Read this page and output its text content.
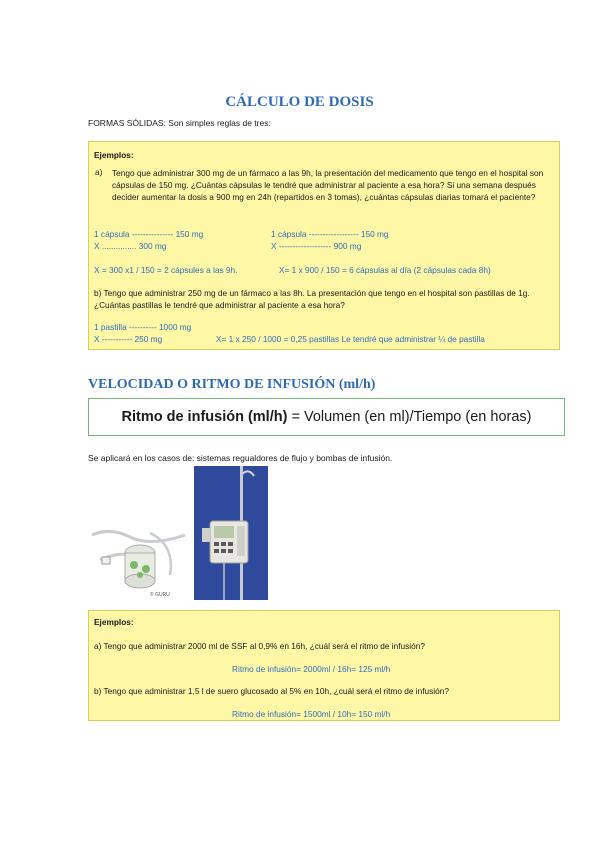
CÁLCULO DE DOSIS
FORMAS SÓLIDAS: Son simples reglas de tres:
Ejemplos:
a) Tengo que administrar 300 mg de un fármaco a las 9h, la presentación del medicamento que tengo en el hospital son cápsulas de 150 mg. ¿Cuántas cápsulas le tendré que administrar al paciente a esa hora? Si una semana después decider aumentar la dosis a 900 mg en 24h (repartidos en 3 tomas), ¿cuántas cápsulas diarias tomará el paciente?
1 cápsula --------------- 150 mg
X ............... 300 mg
1 cápsula ------------------ 150 mg
X ------------------- 900 mg
X = 300 x1 / 150 = 2 cápsules a las 9h.	X= 1 x 900 / 150 = 6 cápsulas al día (2 cápsulas cada 8h)
b) Tengo que administrar 250 mg de un fármaco a las 8h. La presentación que tengo en el hospital son pastillas de 1g. ¿Cuántas pastillas le tendré que administrar al paciente a esa hora?
1 pastilla ---------- 1000 mg
X ----------- 250 mg	X= 1 x 250 / 1000 = 0,25 pastillas Le tendré que administrar ¼ de pastilla
VELOCIDAD O RITMO DE INFUSIÓN (ml/h)
Ritmo de infusión (ml/h) = Volumen (en ml)/Tiempo (en horas)
Se aplicará en los casos de: sistemas regualdores de flujo y bombas de infusión.
© GURU
Ejemplos:
a) Tengo que administrar 2000 ml de SSF al 0,9% en 16h, ¿cuál será el ritmo de infusión?
Ritmo de infusión= 2000ml / 16h= 125 ml/h
b) Tengo que administrar 1,5 l de suero glucosado al 5% en 10h, ¿cuál será el ritmo de infusión?
Ritmo de infusión= 1500ml / 10h= 150 ml/h
